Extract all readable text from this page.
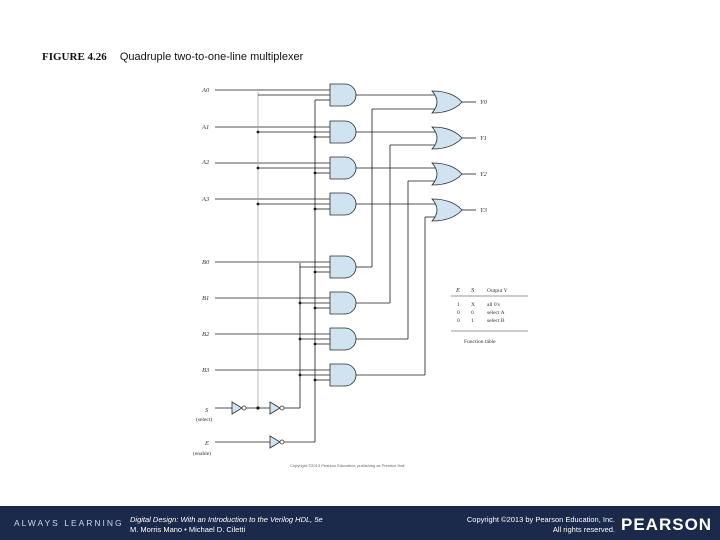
FIGURE 4.26 Quadruple two-to-one-line multiplexer
A0
A1
A2
A3
B0
B1
B2
B3
S
(select)
E
(enable)
Y0
Y1
Y2
Y3
E S Output Y
1 X all 0's
0 0 select A
0 1 select B
Function table
Copyright ©2013 Pearson Education, publishing as Prentice Hall
ALWAYS LEARNING Digital Design: With an Introduction to the Verilog HDL, 5e
M. Morris Mano • Michael D. Ciletti
Copyright ©2013 by Pearson Education, Inc.
All rights reserved. PEARSON
